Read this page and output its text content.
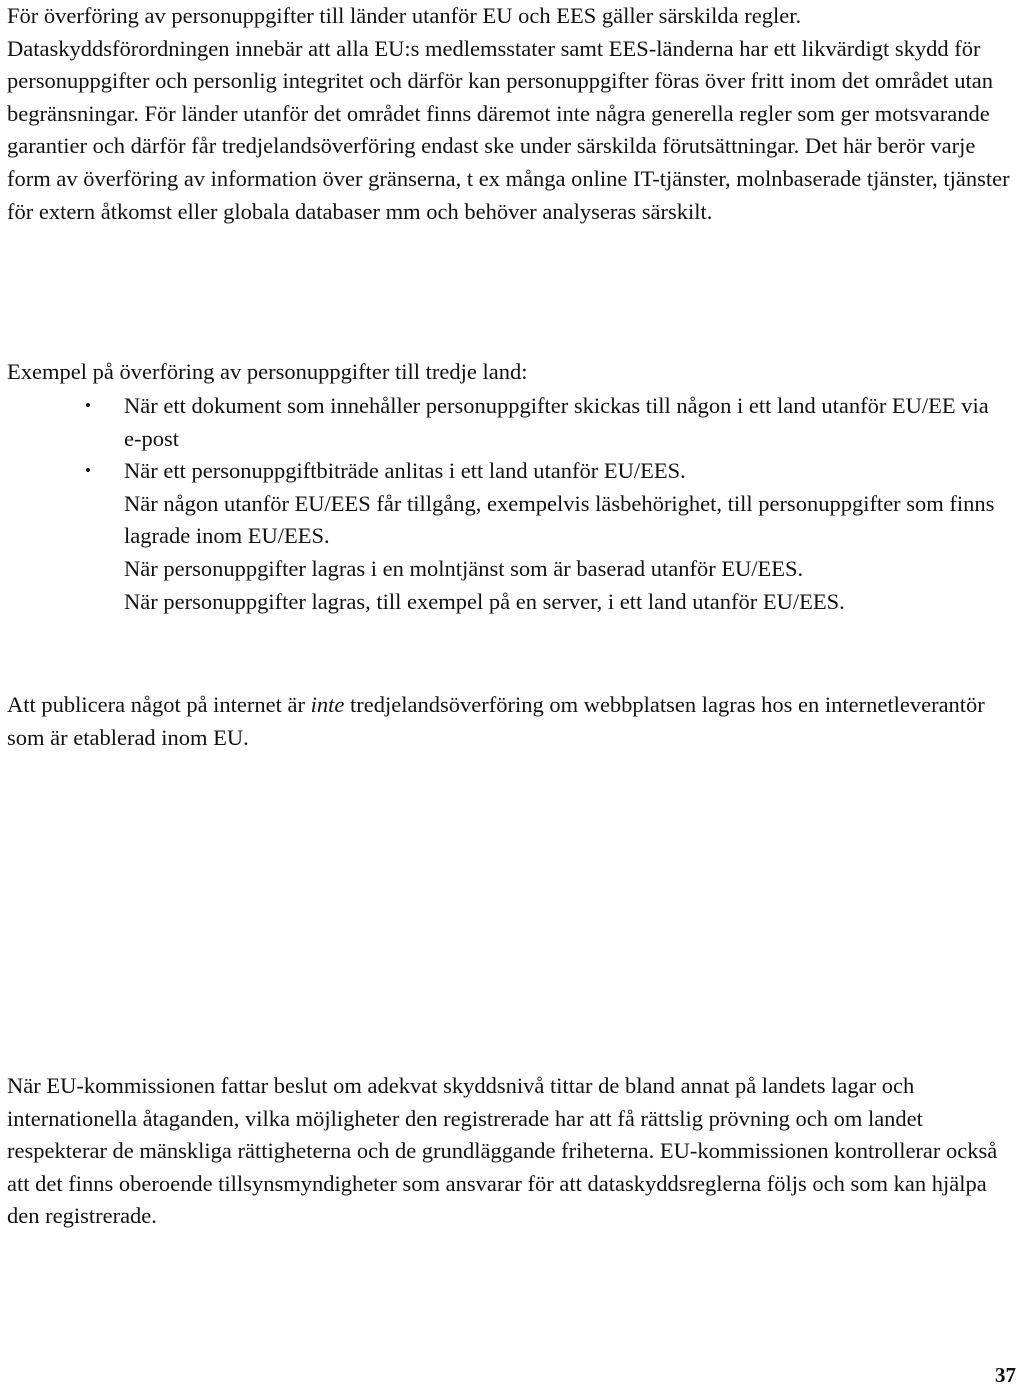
För överföring av personuppgifter till länder utanför EU och EES gäller särskilda regler. Dataskyddsförordningen innebär att alla EU:s medlemsstater samt EES-länderna har ett likvärdigt skydd för personuppgifter och personlig integritet och därför kan personuppgifter föras över fritt inom det området utan begränsningar. För länder utanför det området finns däremot inte några generella regler som ger motsvarande garantier och därför får tredjelandsöverföring endast ske under särskilda förutsättningar. Det här berör varje form av överföring av information över gränserna, t ex många online IT-tjänster, molnbaserade tjänster, tjänster för extern åtkomst eller globala databaser mm och behöver analyseras särskilt.

Exempel på överföring av personuppgifter till tredje land:

• När ett dokument som innehåller personuppgifter skickas till någon i ett land utanför EU/EE via e-post
• När ett personuppgiftbiträde anlitas i ett land utanför EU/EES.
När någon utanför EU/EES får tillgång, exempelvis läsbehörighet, till personuppgifter som finns lagrade inom EU/EES.
När personuppgifter lagras i en molntjänst som är baserad utanför EU/EES.
När personuppgifter lagras, till exempel på en server, i ett land utanför EU/EES.

Att publicera något på internet är inte tredjelandsöverföring om webbplatsen lagras hos en internetleverantör som är etablerad inom EU.

När EU-kommissionen fattar beslut om adekvat skyddsnivå tittar de bland annat på landets lagar och internationella åtaganden, vilka möjligheter den registrerade har att få rättslig prövning och om landet respekterar de mänskliga rättigheterna och de grundläggande friheterna. EU-kommissionen kontrollerar också att det finns oberoende tillsynsmyndigheter som ansvarar för att dataskyddsreglerna följs och som kan hjälpa den registrerade.

37
